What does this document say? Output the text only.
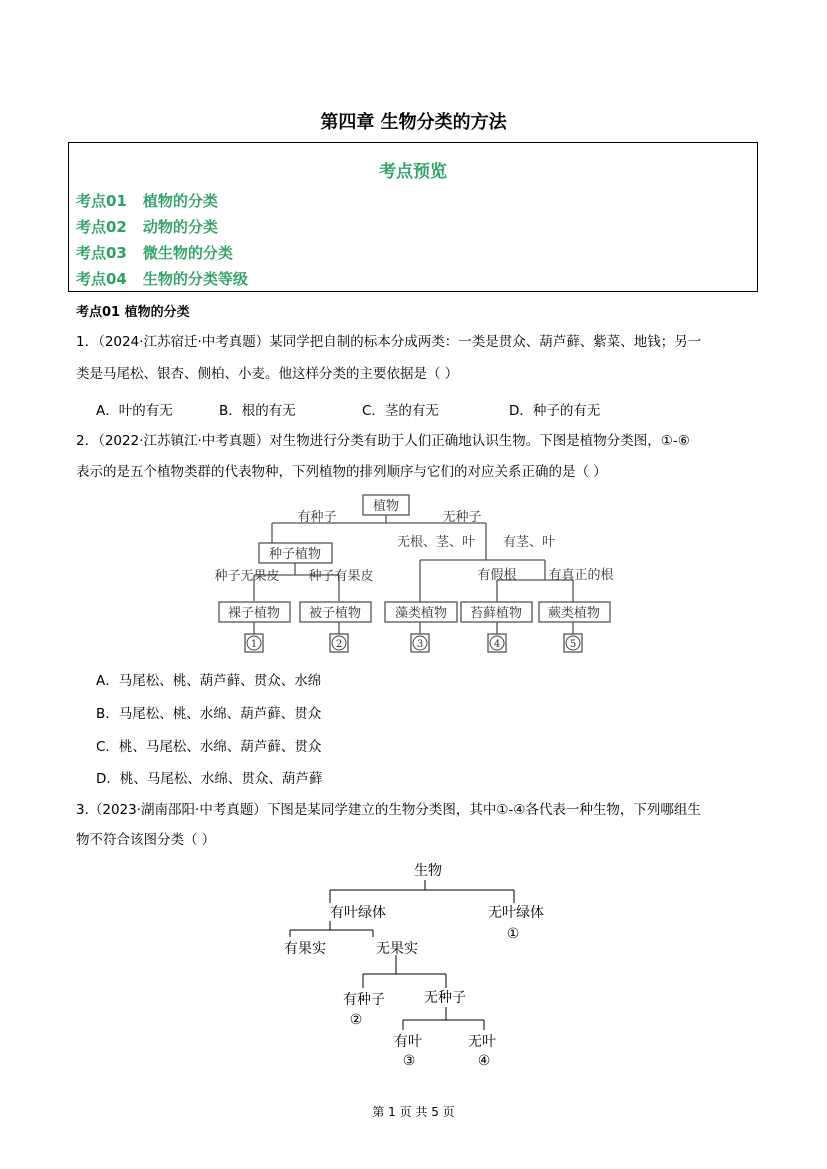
第四章 生物分类的方法
考点预览
考点01 植物的分类
考点02 动物的分类
考点03 微生物的分类
考点04 生物的分类等级
考点01 植物的分类
1．（2024·江苏宿迁·中考真题）某同学把自制的标本分成两类：一类是贯众、葫芦藓、紫菜、地钱；另一
类是马尾松、银杏、侧柏、小麦。他这样分类的主要依据是（ ）
A．叶的有无	B．根的有无	C．茎的有无	D．种子的有无
2．（2022·江苏镇江·中考真题）对生物进行分类有助于人们正确地认识生物。下图是植物分类图，①-⑥
表示的是五个植物类群的代表物种，下列植物的排列顺序与它们的对应关系正确的是（ ）
植物
有种子	无种子
种子植物
无根、茎、叶 有茎、叶
种子无果皮 种子有果皮	有假根 有真正的根
裸子植物 被子植物	藻类植物 苔藓植物 蕨类植物
1	2	3	4	5
A．马尾松、桃、葫芦藓、贯众、水绵
B．马尾松、桃、水绵、葫芦藓、贯众
C．桃、马尾松、水绵、葫芦藓、贯众
D．桃、马尾松、水绵、贯众、葫芦藓
3.（2023·湖南邵阳·中考真题）下图是某同学建立的生物分类图，其中①-④各代表一种生物，下列哪组生
物不符合该图分类（ ）
生物
有叶绿体	无叶绿体
①
有果实	无果实
有种子	无种子
②
有叶	无叶
③	④
第 1 页 共 5 页
